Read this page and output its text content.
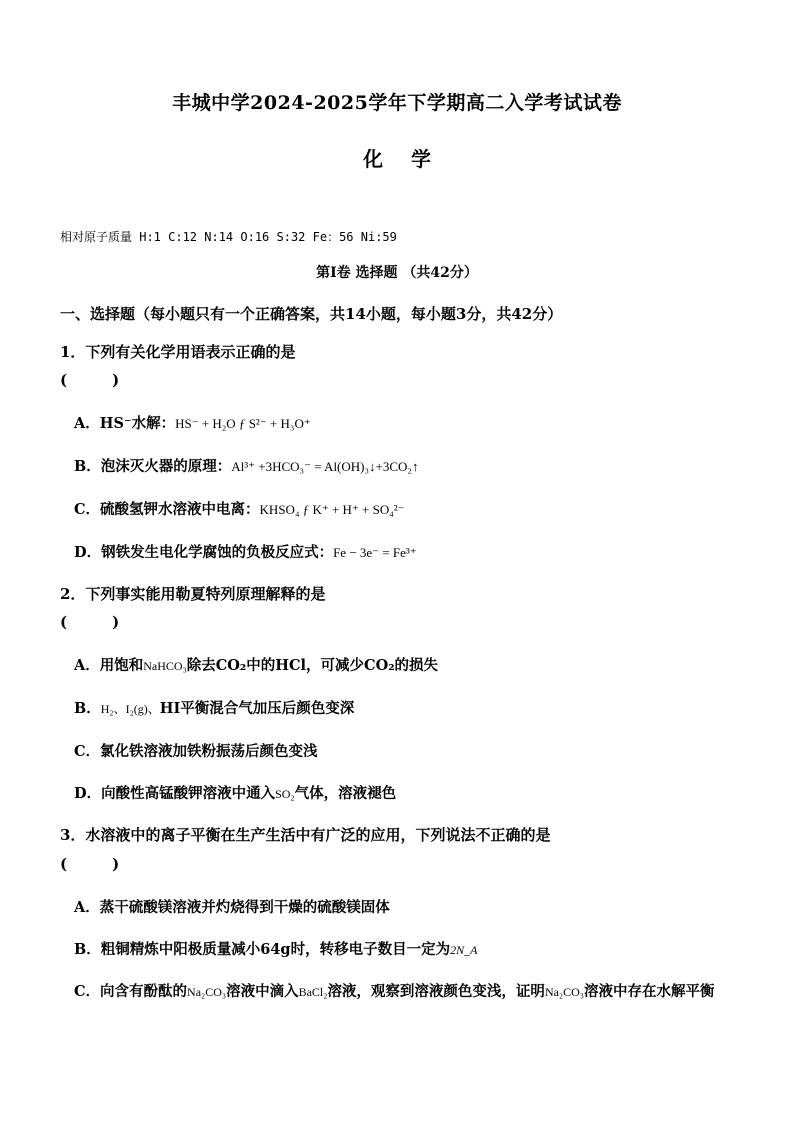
丰城中学2024-2025学年下学期高二入学考试试卷
化学
相对原子质量 H:1 C:12 N:14 O:16 S:32 Fe：56 Ni:59
第Ⅰ卷 选择题 （共42分）
一、选择题（每小题只有一个正确答案，共14小题，每小题3分，共42分）
1．下列有关化学用语表示正确的是
(　　　)
A．HS⁻水解：HS⁻ + H₂O ƒ S²⁻ + H₃O⁺
B．泡沫灭火器的原理：Al³⁺ +3HCO₃⁻ = Al(OH)₃↓+3CO₂↑
C．硫酸氢钾水溶液中电离：KHSO₄ ƒ K⁺ + H⁺ + SO₄²⁻
D．钢铁发生电化学腐蚀的负极反应式：Fe − 3e⁻ = Fe³⁺
2．下列事实能用勒夏特列原理解释的是
(　　　)
A．用饱和NaHCO₃除去CO₂中的HCl，可减少CO₂的损失
B．H₂、I₂(g)、HI平衡混合气加压后颜色变深
C．氯化铁溶液加铁粉振荡后颜色变浅
D．向酸性高锰酸钾溶液中通入SO₂气体，溶液褪色
3．水溶液中的离子平衡在生产生活中有广泛的应用，下列说法不正确的是
(　　　)
A．蒸干硫酸镁溶液并灼烧得到干燥的硫酸镁固体
B．粗铜精炼中阳极质量减小64g时，转移电子数目一定为2N_A
C．向含有酚酞的Na₂CO₃溶液中滴入BaCl₂溶液，观察到溶液颜色变浅，证明Na₂CO₃溶液中存在水解平衡
